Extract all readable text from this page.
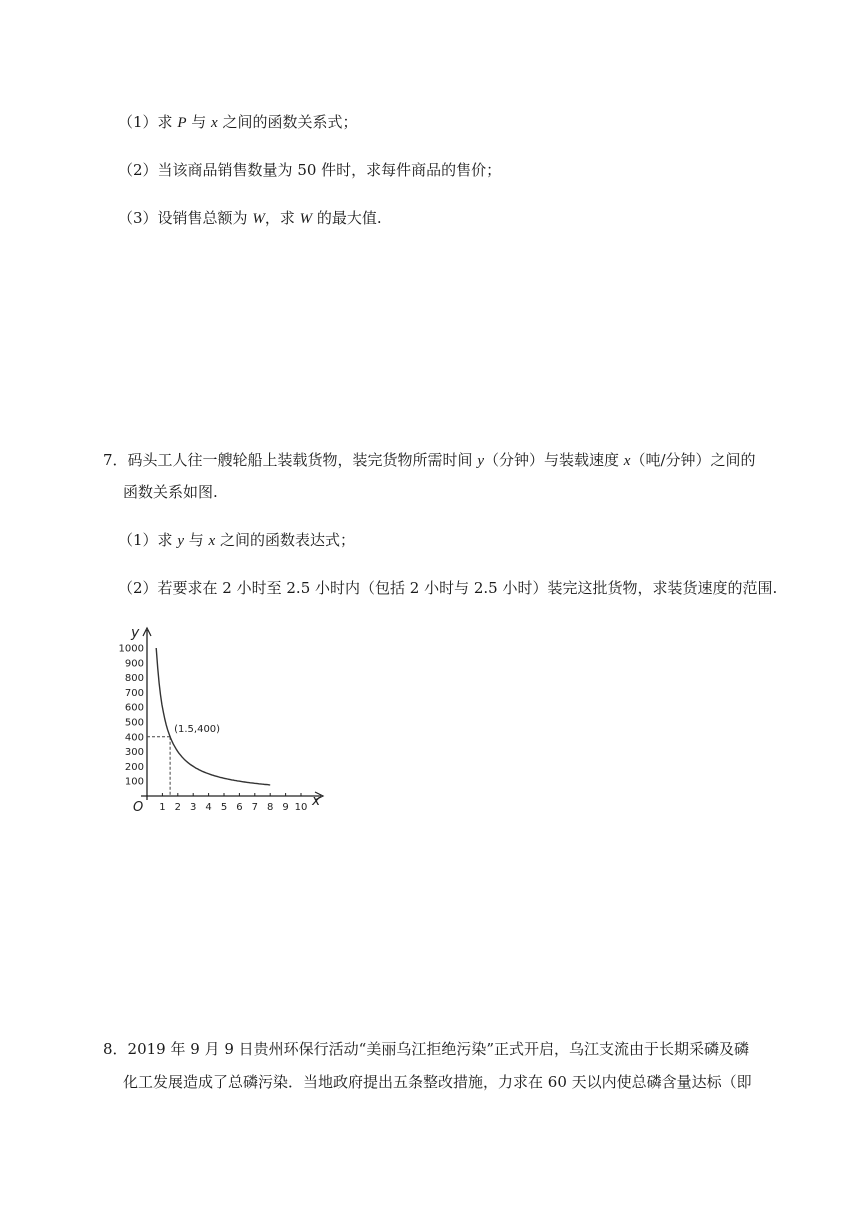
（1）求 P 与 x 之间的函数关系式；
（2）当该商品销售数量为 50 件时，求每件商品的售价；
（3）设销售总额为 W，求 W 的最大值.
7．码头工人往一艘轮船上装载货物，装完货物所需时间 y（分钟）与装载速度 x（吨/分钟）之间的
函数关系如图.
（1）求 y 与 x 之间的函数表达式；
（2）若要求在 2 小时至 2.5 小时内（包括 2 小时与 2.5 小时）装完这批货物，求装货速度的范围.
100
200
300
400
500
600
700
800
900
1000
1 2 3 4 5 6 7 8 9 10 x
y
O
(1.5,400)
8．2019 年 9 月 9 日贵州环保行活动“美丽乌江拒绝污染”正式开启，乌江支流由于长期采磷及磷
化工发展造成了总磷污染．当地政府提出五条整改措施，力求在 60 天以内使总磷含量达标（即
